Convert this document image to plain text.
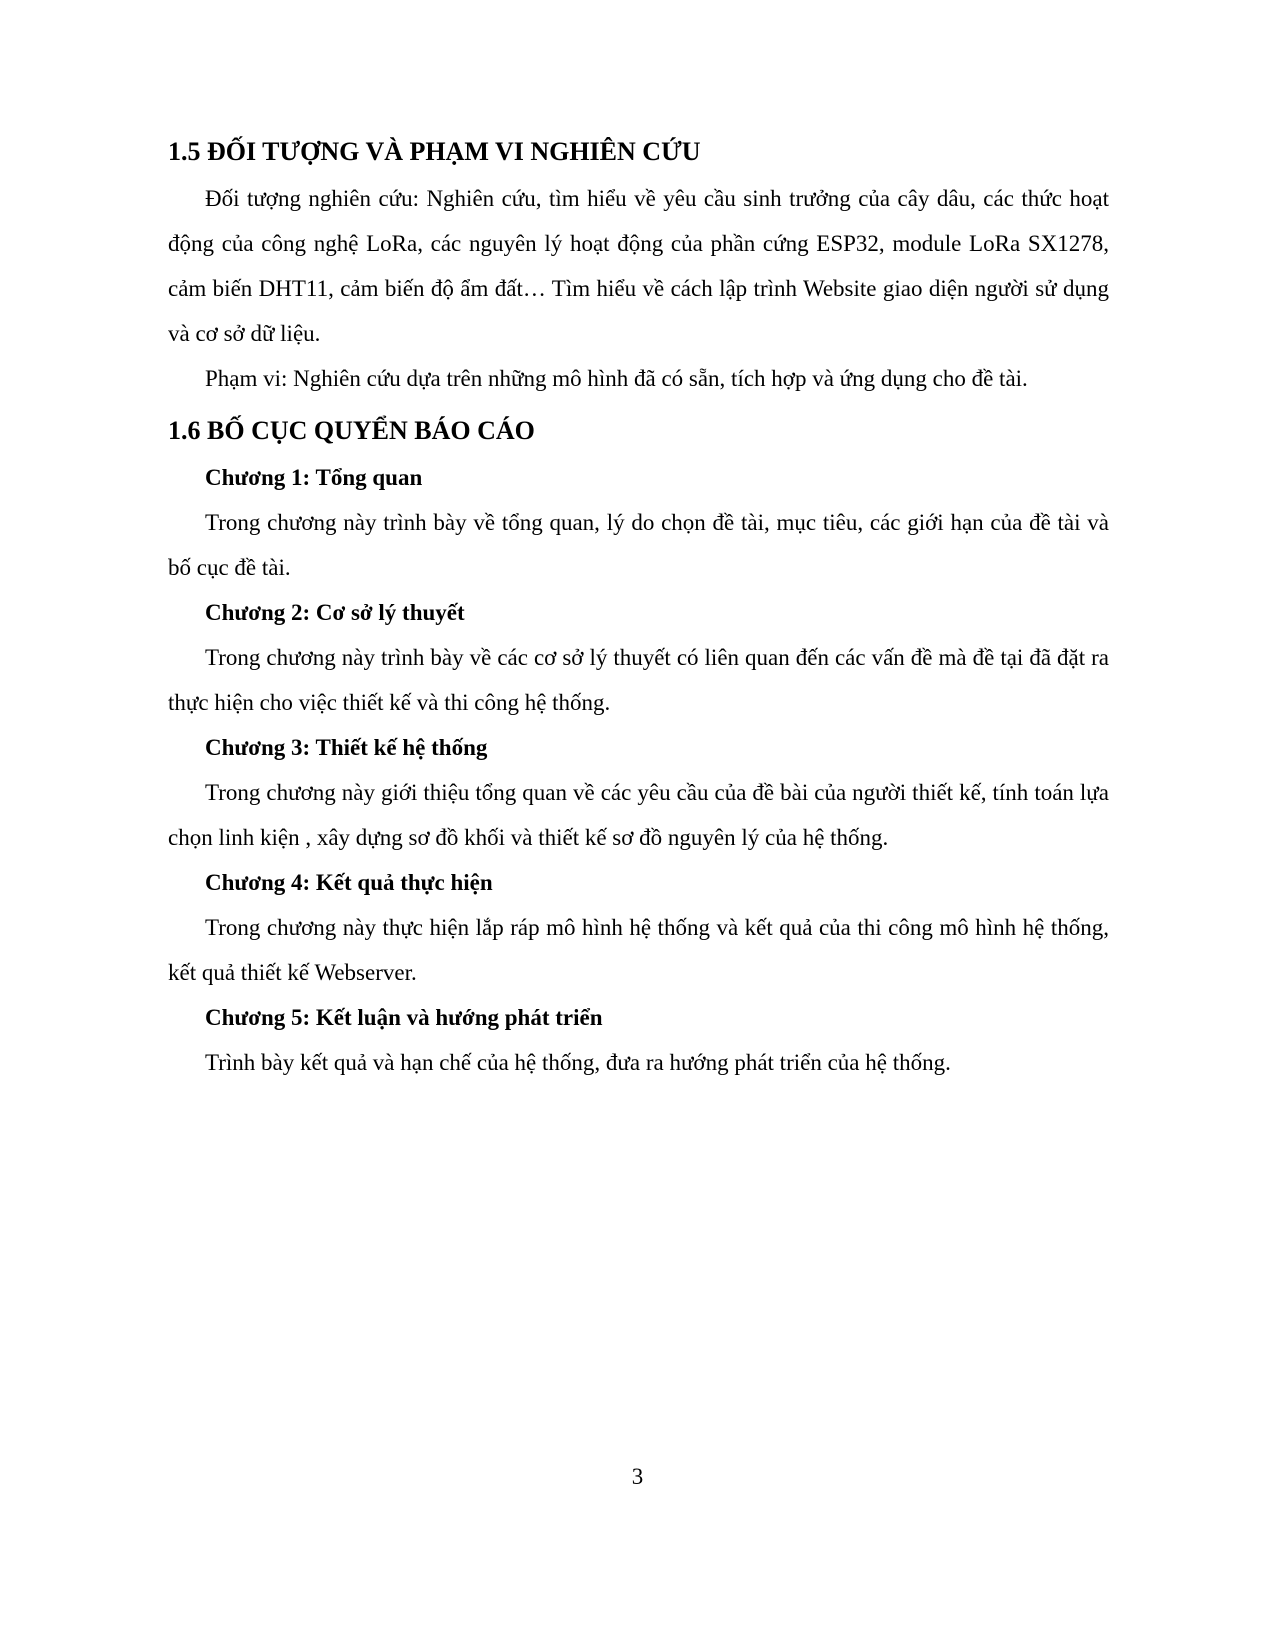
1.5 ĐỐI TƯỢNG VÀ PHẠM VI NGHIÊN CỨU

Đối tượng nghiên cứu: Nghiên cứu, tìm hiểu về yêu cầu sinh trưởng của cây dâu, các thức hoạt động của công nghệ LoRa, các nguyên lý hoạt động của phần cứng ESP32, module LoRa SX1278, cảm biến DHT11, cảm biến độ ẩm đất… Tìm hiểu về cách lập trình Website giao diện người sử dụng và cơ sở dữ liệu.

Phạm vi: Nghiên cứu dựa trên những mô hình đã có sẵn, tích hợp và ứng dụng cho đề tài.

1.6 BỐ CỤC QUYỂN BÁO CÁO

Chương 1: Tổng quan

Trong chương này trình bày về tổng quan, lý do chọn đề tài, mục tiêu, các giới hạn của đề tài và bố cục đề tài.

Chương 2: Cơ sở lý thuyết

Trong chương này trình bày về các cơ sở lý thuyết có liên quan đến các vấn đề mà đề tại đã đặt ra thực hiện cho việc thiết kế và thi công hệ thống.

Chương 3: Thiết kế hệ thống

Trong chương này giới thiệu tổng quan về các yêu cầu của đề bài của người thiết kế, tính toán lựa chọn linh kiện , xây dựng sơ đồ khối và thiết kế sơ đồ nguyên lý của hệ thống.

Chương 4: Kết quả thực hiện

Trong chương này thực hiện lắp ráp mô hình hệ thống và kết quả của thi công mô hình hệ thống, kết quả thiết kế Webserver.

Chương 5: Kết luận và hướng phát triển

Trình bày kết quả và hạn chế của hệ thống, đưa ra hướng phát triển của hệ thống.

3
